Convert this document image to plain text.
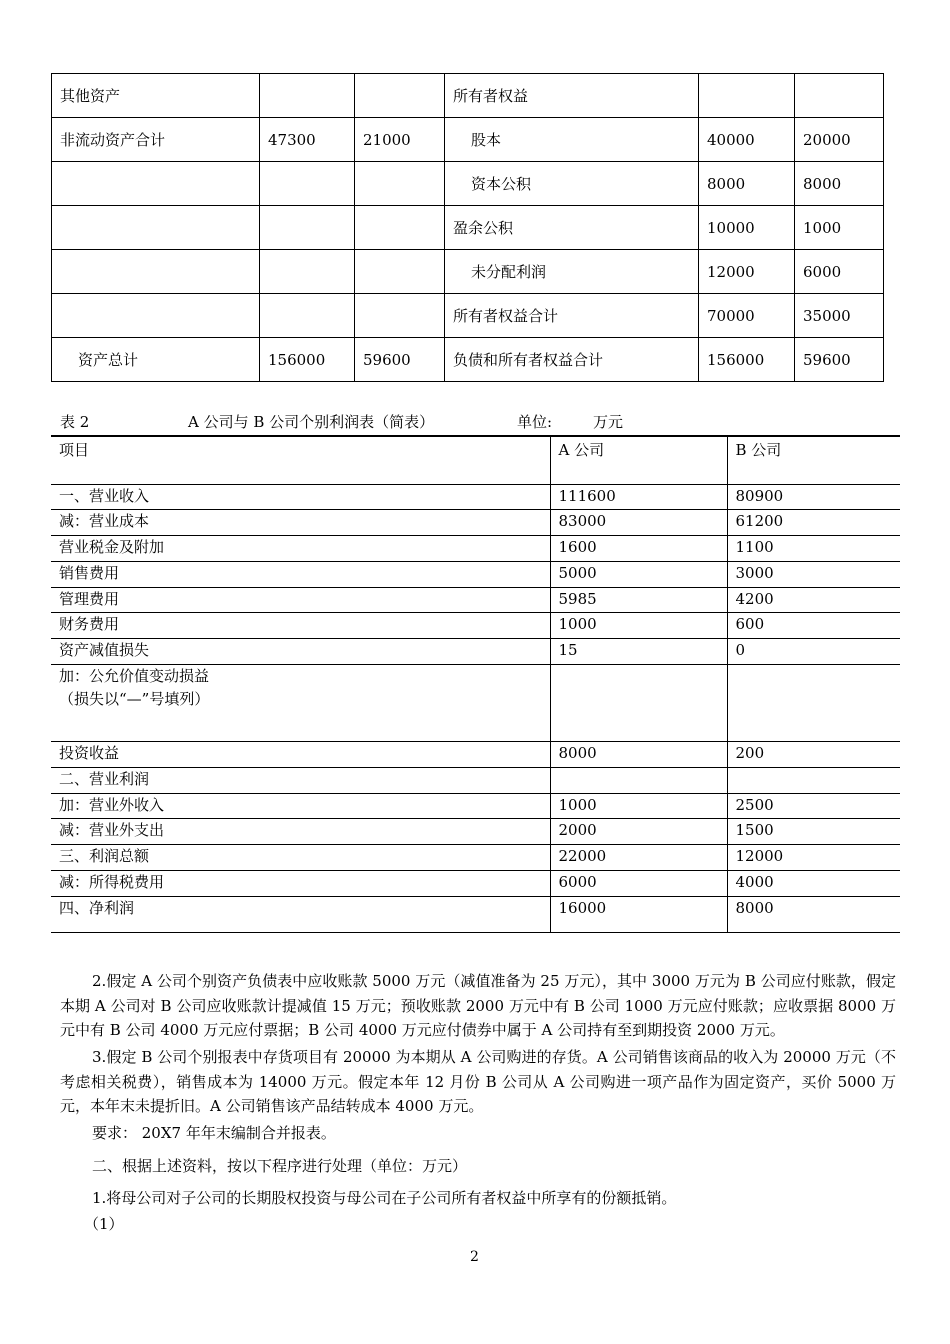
其他资产			所有者权益		
非流动资产合计	47300	21000	股本	40000	20000
			资本公积	8000	8000
			盈余公积	10000	1000
			未分配利润	12000	6000
			所有者权益合计	70000	35000
资产总计	156000	59600	负债和所有者权益合计	156000	59600
表 2	A 公司与 B 公司个别利润表（简表）	单位:	万元
项目	A 公司	B 公司
一、营业收入	111600	80900
减：营业成本	83000	61200
营业税金及附加	1600	1100
销售费用	5000	3000
管理费用	5985	4200
财务费用	1000	600
资产减值损失	15	0

加：公允价值变动损益
（损失以“—”号填列）		

投资收益	8000	200
二、营业利润		
加：营业外收入	1000	2500
减：营业外支出	2000	1500
三、利润总额	22000	12000
减：所得税费用	6000	4000
四、净利润	16000	8000
2.假定 A 公司个别资产负债表中应收账款 5000 万元（减值准备为 25 万元），其中 3000 万元为 B 公司应付账款，假定本期 A 公司对 B 公司应收账款计提减值 15 万元；预收账款 2000 万元中有 B 公司 1000 万元应付账款；应收票据 8000 万元中有 B 公司 4000 万元应付票据；B 公司 4000 万元应付债券中属于 A 公司持有至到期投资 2000 万元。
3.假定 B 公司个别报表中存货项目有 20000 为本期从 A 公司购进的存货。A 公司销售该商品的收入为 20000 万元（不考虑相关税费），销售成本为 14000 万元。假定本年 12 月份 B 公司从 A 公司购进一项产品作为固定资产，买价 5000 万元，本年末未提折旧。A 公司销售该产品结转成本 4000 万元。
要求： 20X7 年年末编制合并报表。
二、根据上述资料，按以下程序进行处理（单位：万元）
1.将母公司对子公司的长期股权投资与母公司在子公司所有者权益中所享有的份额抵销。
（1）
2
